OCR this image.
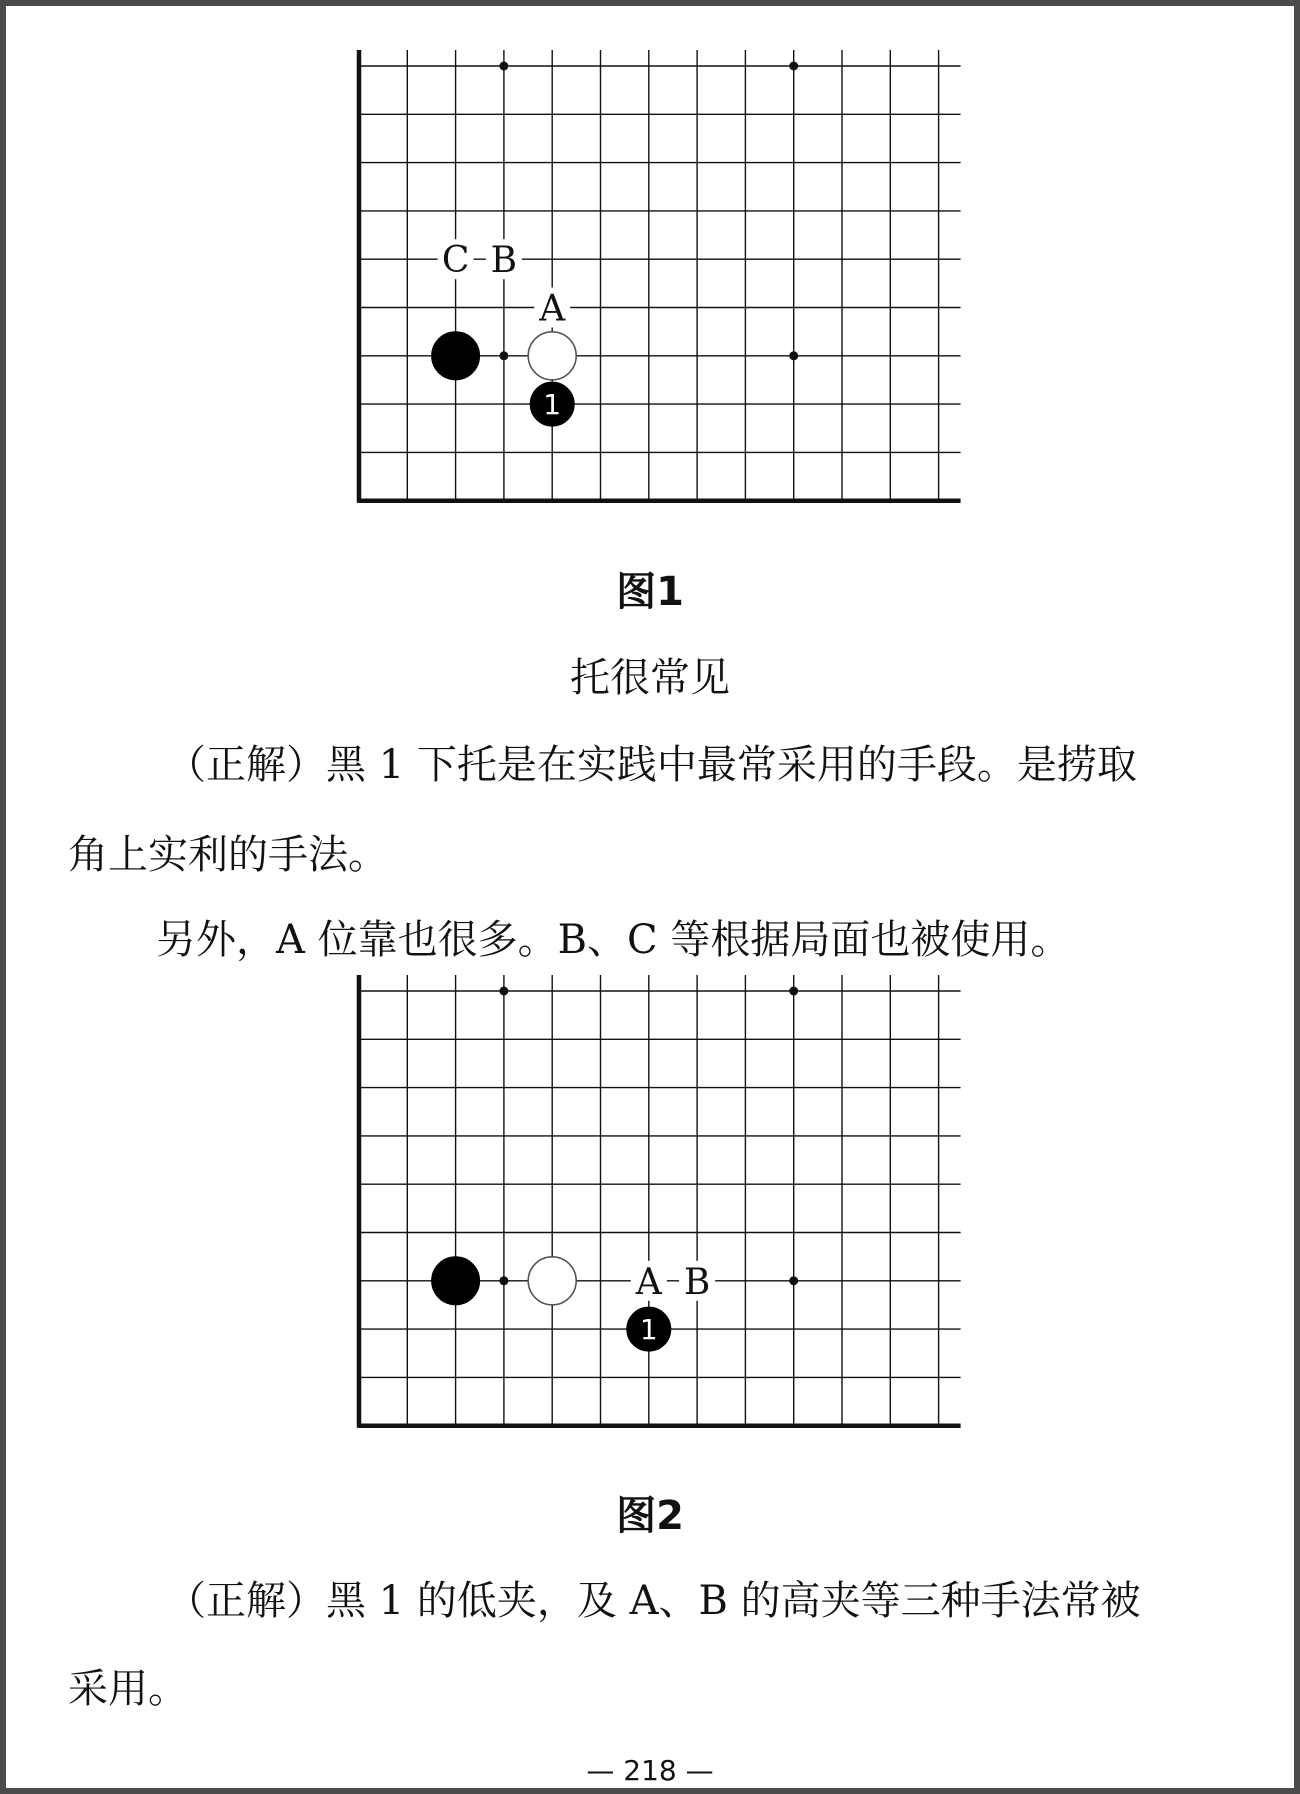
1
C B
A
图1
托很常见
（正解）黑 1 下托是在实践中最常采用的手段。是捞取
角上实利的手法。
另外，A 位靠也很多。B、C 等根据局面也被使用。
1
A B
图2
（正解）黑 1 的低夹，及 A、B 的高夹等三种手法常被
采用。
— 218 —
